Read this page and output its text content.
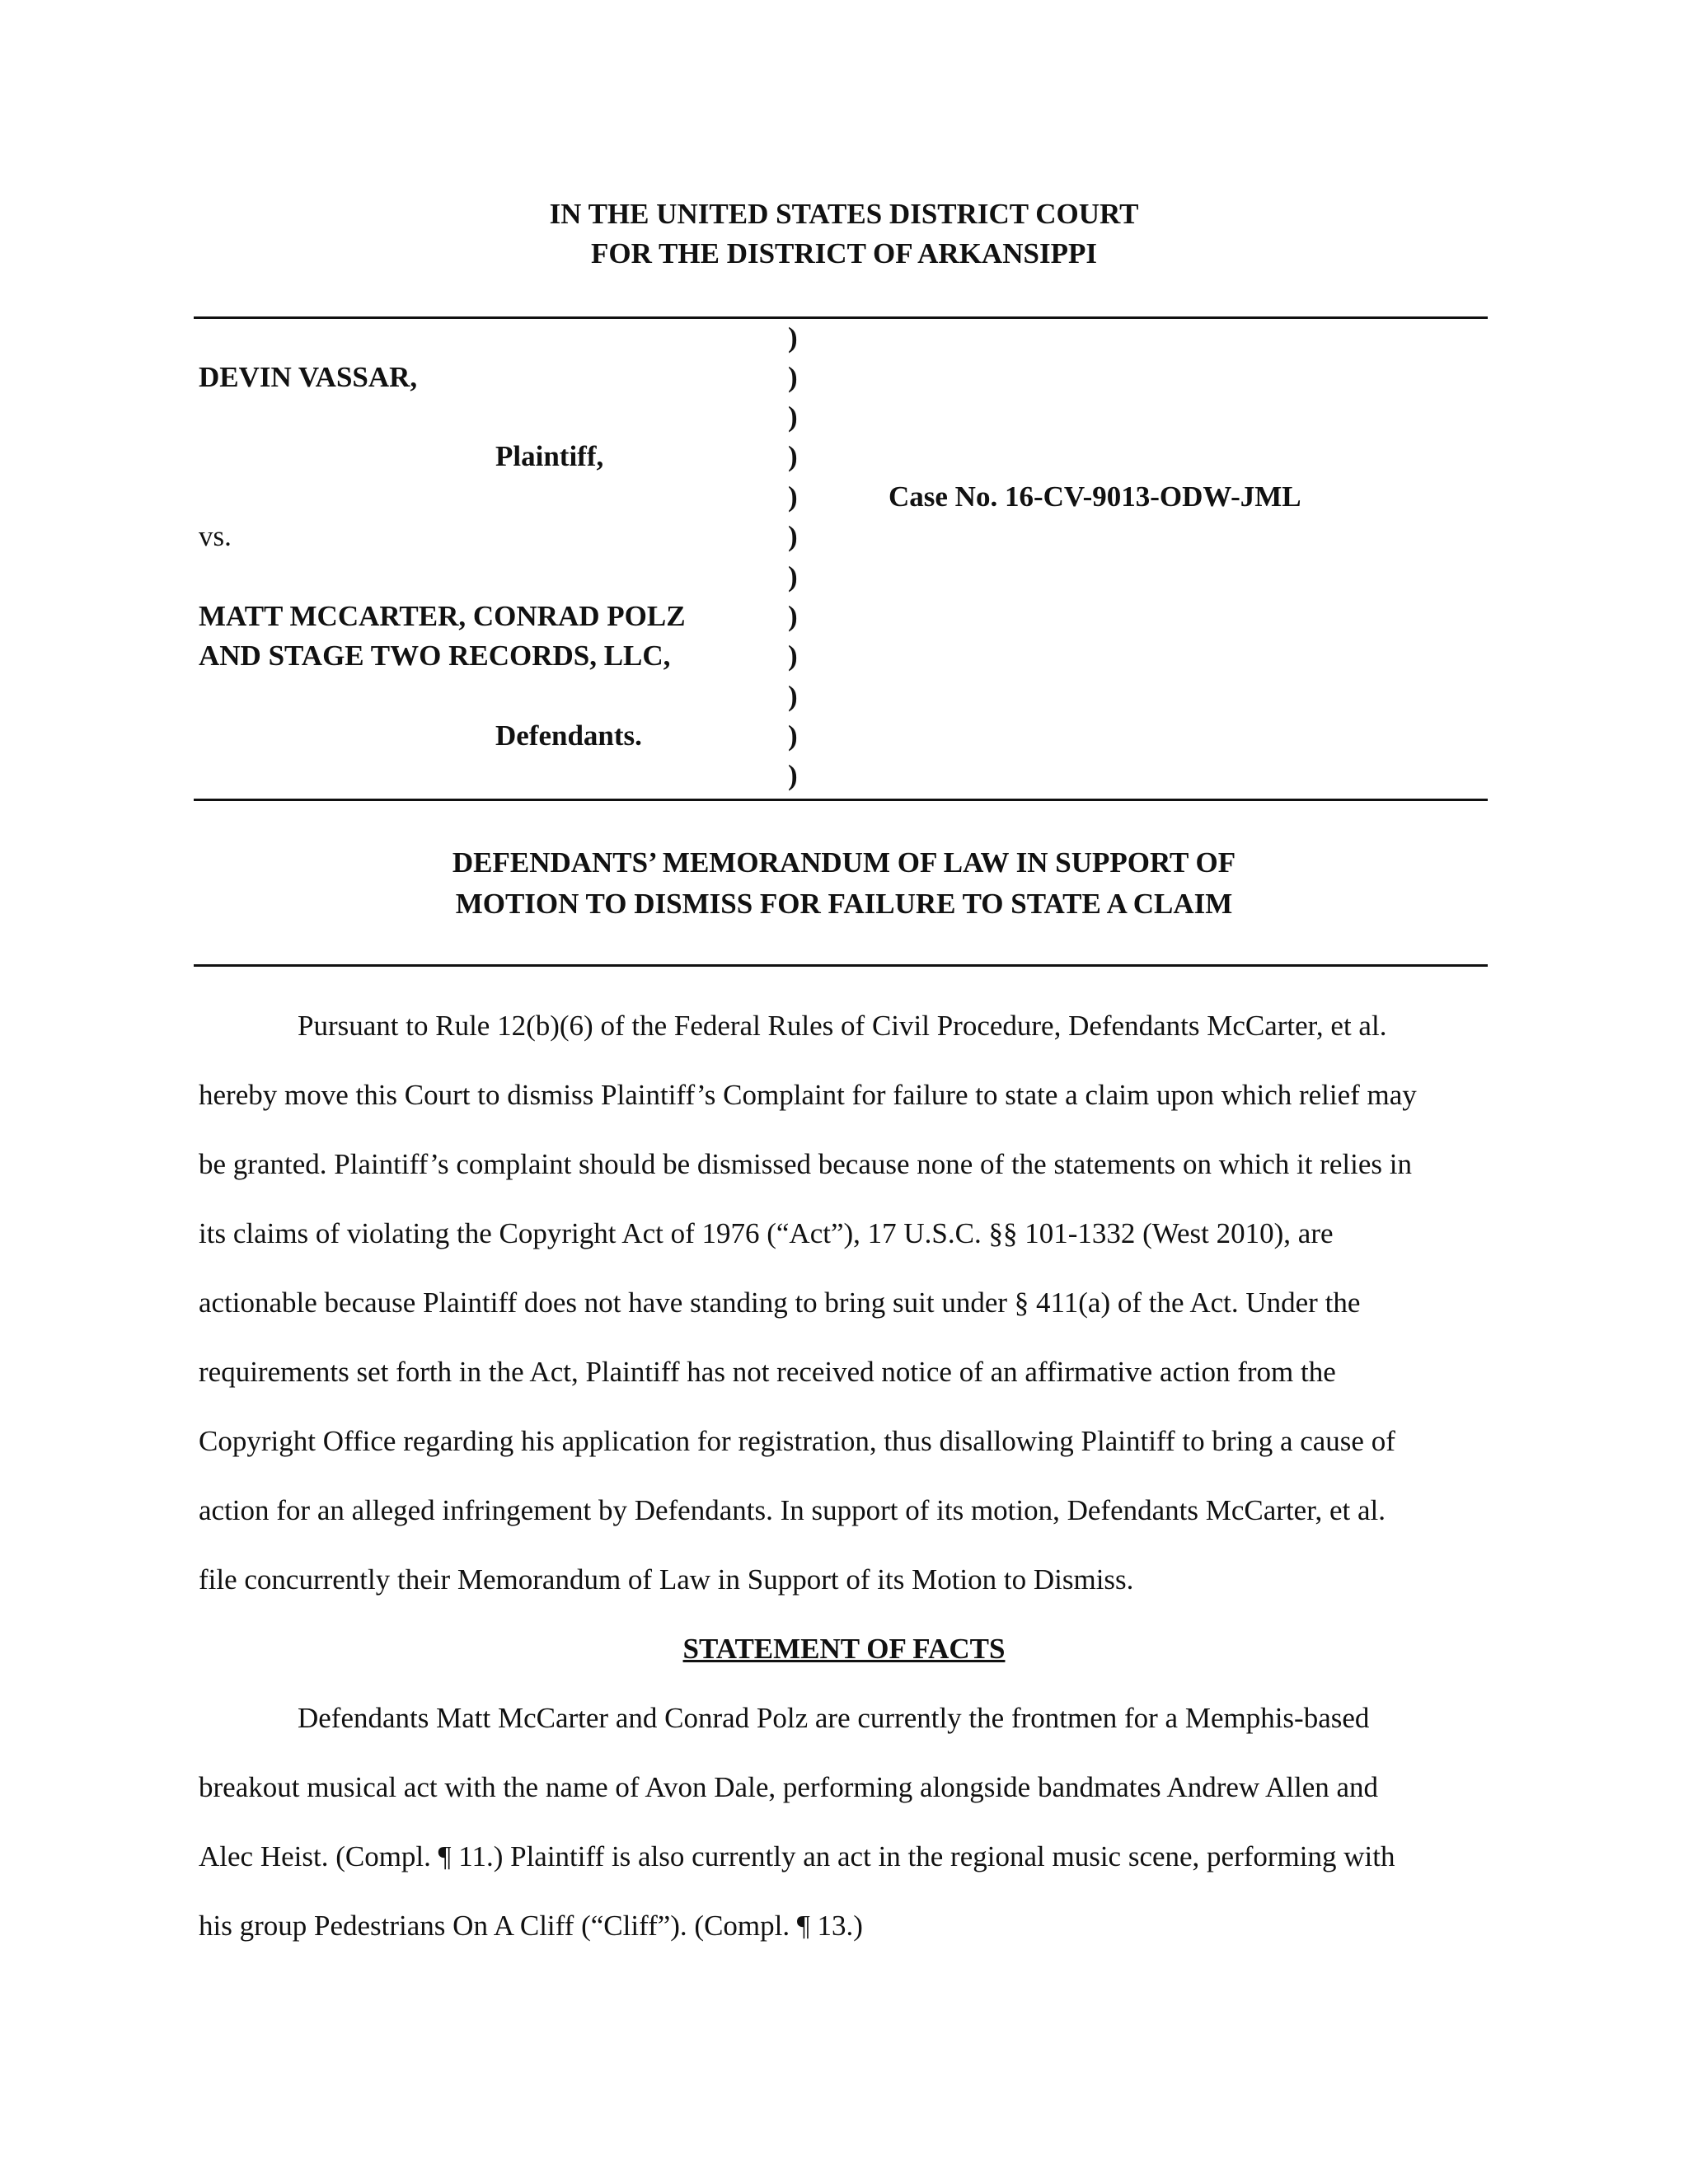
IN THE UNITED STATES DISTRICT COURT
FOR THE DISTRICT OF ARKANSIPPI
DEVIN VASSAR,
Plaintiff,
vs.
MATT MCCARTER, CONRAD POLZ
AND STAGE TWO RECORDS, LLC,
Defendants.
)
)
)
)
)
)
)
)
)
)
)
)
Case No. 16-CV-9013-ODW-JML
DEFENDANTS’ MEMORANDUM OF LAW IN SUPPORT OF
MOTION TO DISMISS FOR FAILURE TO STATE A CLAIM
Pursuant to Rule 12(b)(6) of the Federal Rules of Civil Procedure, Defendants McCarter, et al.
hereby move this Court to dismiss Plaintiff’s Complaint for failure to state a claim upon which relief may
be granted. Plaintiff’s complaint should be dismissed because none of the statements on which it relies in
its claims of violating the Copyright Act of 1976 (“Act”), 17 U.S.C. §§ 101-1332 (West 2010), are
actionable because Plaintiff does not have standing to bring suit under § 411(a) of the Act. Under the
requirements set forth in the Act, Plaintiff has not received notice of an affirmative action from the
Copyright Office regarding his application for registration, thus disallowing Plaintiff to bring a cause of
action for an alleged infringement by Defendants. In support of its motion, Defendants McCarter, et al.
file concurrently their Memorandum of Law in Support of its Motion to Dismiss.
STATEMENT OF FACTS
Defendants Matt McCarter and Conrad Polz are currently the frontmen for a Memphis-based
breakout musical act with the name of Avon Dale, performing alongside bandmates Andrew Allen and
Alec Heist. (Compl. ¶ 11.) Plaintiff is also currently an act in the regional music scene, performing with
his group Pedestrians On A Cliff (“Cliff”). (Compl. ¶ 13.)
